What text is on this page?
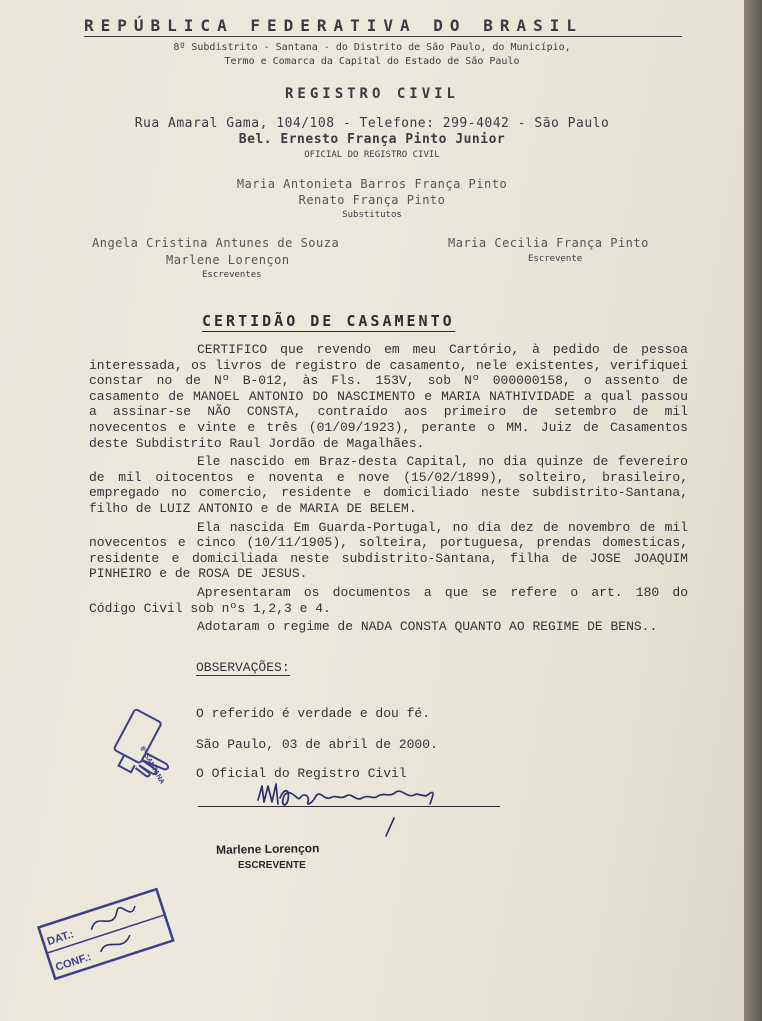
REPÚBLICA FEDERATIVA DO BRASIL
8º Subdistrito - Santana - do Distrito de São Paulo, do Município,
Termo e Comarca da Capital do Estado de São Paulo
REGISTRO CIVIL
Rua Amaral Gama, 104/108 - Telefone: 299-4042 - São Paulo
Bel. Ernesto França Pinto Junior
OFICIAL DO REGISTRO CIVIL
Maria Antonieta Barros França Pinto
Renato França Pinto
Substitutos
Angela Cristina Antunes de Souza
Marlene Lorençon
Escreventes
Maria Cecilia França Pinto
Escrevente
CERTIDÃO DE CASAMENTO

CERTIFICO que revendo em meu Cartório, à pedido de pessoa interessada, os livros de registro de casamento, nele existentes, verifiquei constar no de Nº B-012, às Fls. 153V, sob Nº 000000158, o assento de casamento de MANOEL ANTONIO DO NASCIMENTO e MARIA NATHIVIDADE a qual passou a assinar-se NÃO CONSTA, contraído aos primeiro de setembro de mil novecentos e vinte e três (01/09/1923), perante o MM. Juiz de Casamentos deste Subdistrito Raul Jordão de Magalhães.

Ele nascido em Braz-desta Capital, no dia quinze de fevereiro de mil oitocentos e noventa e nove (15/02/1899), solteiro, brasileiro, empregado no comercio, residente e domiciliado neste subdistrito-Santana, filho de LUIZ ANTONIO e de MARIA DE BELEM.

Ela nascida Em Guarda-Portugal, no dia dez de novembro de mil novecentos e cinco (10/11/1905), solteira, portuguesa, prendas domesticas, residente e domiciliada neste subdistrito-Santana, filha de JOSE JOAQUIM PINHEIRO e de ROSA DE JESUS.

Apresentaram os documentos a que se refere o art. 180 do Código Civil sob nºs 1,2,3 e 4.

Adotaram o regime de NADA CONSTA QUANTO AO REGIME DE BENS..

OBSERVAÇÕES:
O referido é verdade e dou fé.
São Paulo, 03 de abril de 2000.
O Oficial do Registro Civil
8º SANTANA
Marlene Lorençon
ESCREVENTE
DAT.:
CONF.:
